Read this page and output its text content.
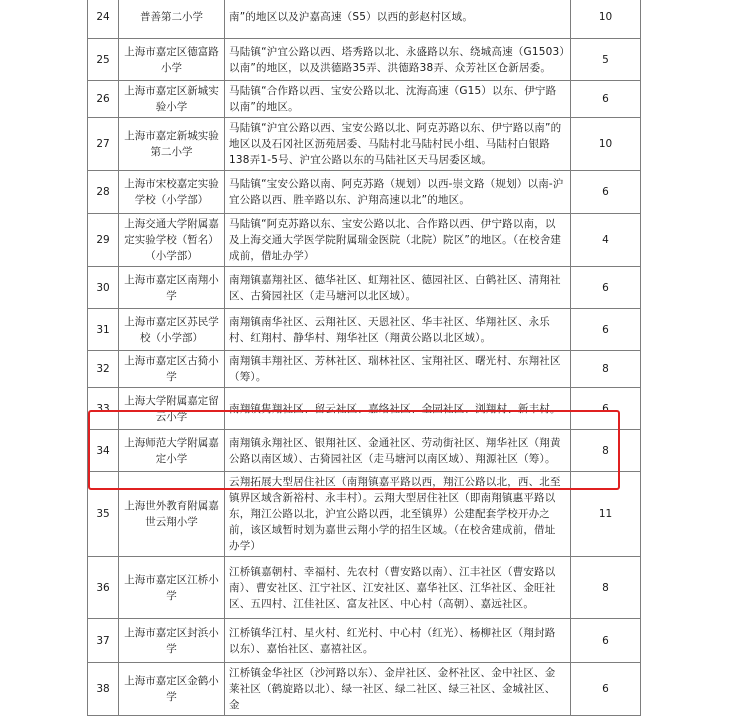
24	普善第二小学	南”的地区以及沪嘉高速（S5）以西的彭赵村区域。	10
25	上海市嘉定区德富路小学	马陆镇“沪宜公路以西、塔秀路以北、永盛路以东、绕城高速（G1503）以南”的地区，以及洪德路35弄、洪德路38弄、众芳社区仓新居委。	5
26	上海市嘉定区新城实验小学	马陆镇“合作路以西、宝安公路以北、沈海高速（G15）以东、伊宁路以南”的地区。	6
27	上海市嘉定新城实验第二小学	马陆镇“沪宜公路以西、宝安公路以北、阿克苏路以东、伊宁路以南”的地区以及石冈社区沥苑居委、马陆村北马陆村民小组、马陆村白银路138弄1-5号、沪宜公路以东的马陆社区天马居委区域。	10
28	上海市宋校嘉定实验学校（小学部）	马陆镇“宝安公路以南、阿克苏路（规划）以西-崇文路（规划）以南-沪宜公路以西、胜辛路以东、沪翔高速以北”的地区。	6
29	上海交通大学附属嘉定实验学校（暂名）（小学部）	马陆镇“阿克苏路以东、宝安公路以北、合作路以西、伊宁路以南，以及上海交通大学医学院附属瑞金医院（北院）院区”的地区。（在校舍建成前，借址办学）	4
30	上海市嘉定区南翔小学	南翔镇嘉翔社区、德华社区、虹翔社区、德园社区、白鹤社区、清翔社区、古猗园社区（走马塘河以北区域）。	6
31	上海市嘉定区苏民学校（小学部）	南翔镇南华社区、云翔社区、天恩社区、华丰社区、华翔社区、永乐村、红翔村、静华村、翔华社区（翔黄公路以北区域）。	6
32	上海市嘉定区古猗小学	南翔镇丰翔社区、芳林社区、瑞林社区、宝翔社区、曙光村、东翔社区（筹）。	8
33	上海大学附属嘉定留云小学	南翔镇隽翔社区、留云社区、嘉络社区、金园社区、浏翔村、新丰村。	6
34	上海师范大学附属嘉定小学	南翔镇永翔社区、银翔社区、金通社区、劳动街社区、翔华社区（翔黄公路以南区域）、古猗园社区（走马塘河以南区域）、翔源社区（筹）。	8
35	上海世外教育附属嘉世云翔小学	云翔拓展大型居住社区（南翔镇嘉平路以西，翔江公路以北，西、北至镇界区域含新裕村、永丰村）。云翔大型居住社区（即南翔镇惠平路以东，翔江公路以北，沪宜公路以西，北至镇界）公建配套学校开办之前，该区域暂时划为嘉世云翔小学的招生区域。（在校舍建成前，借址办学）	11
36	上海市嘉定区江桥小学	江桥镇嘉朝村、幸福村、先农村（曹安路以南）、江丰社区（曹安路以南）、曹安社区、江宁社区、江安社区、嘉华社区、江华社区、金旺社区、五四村、江佳社区、富友社区、中心村（高朝）、嘉远社区。	8
37	上海市嘉定区封浜小学	江桥镇华江村、星火村、红光村、中心村（红光）、杨柳社区（翔封路以东）、嘉怡社区、嘉禧社区。	6
38	上海市嘉定区金鹤小学	江桥镇金华社区（沙河路以东）、金岸社区、金杯社区、金中社区、金莱社区（鹤旋路以北）、绿一社区、绿二社区、绿三社区、金城社区、金	6
